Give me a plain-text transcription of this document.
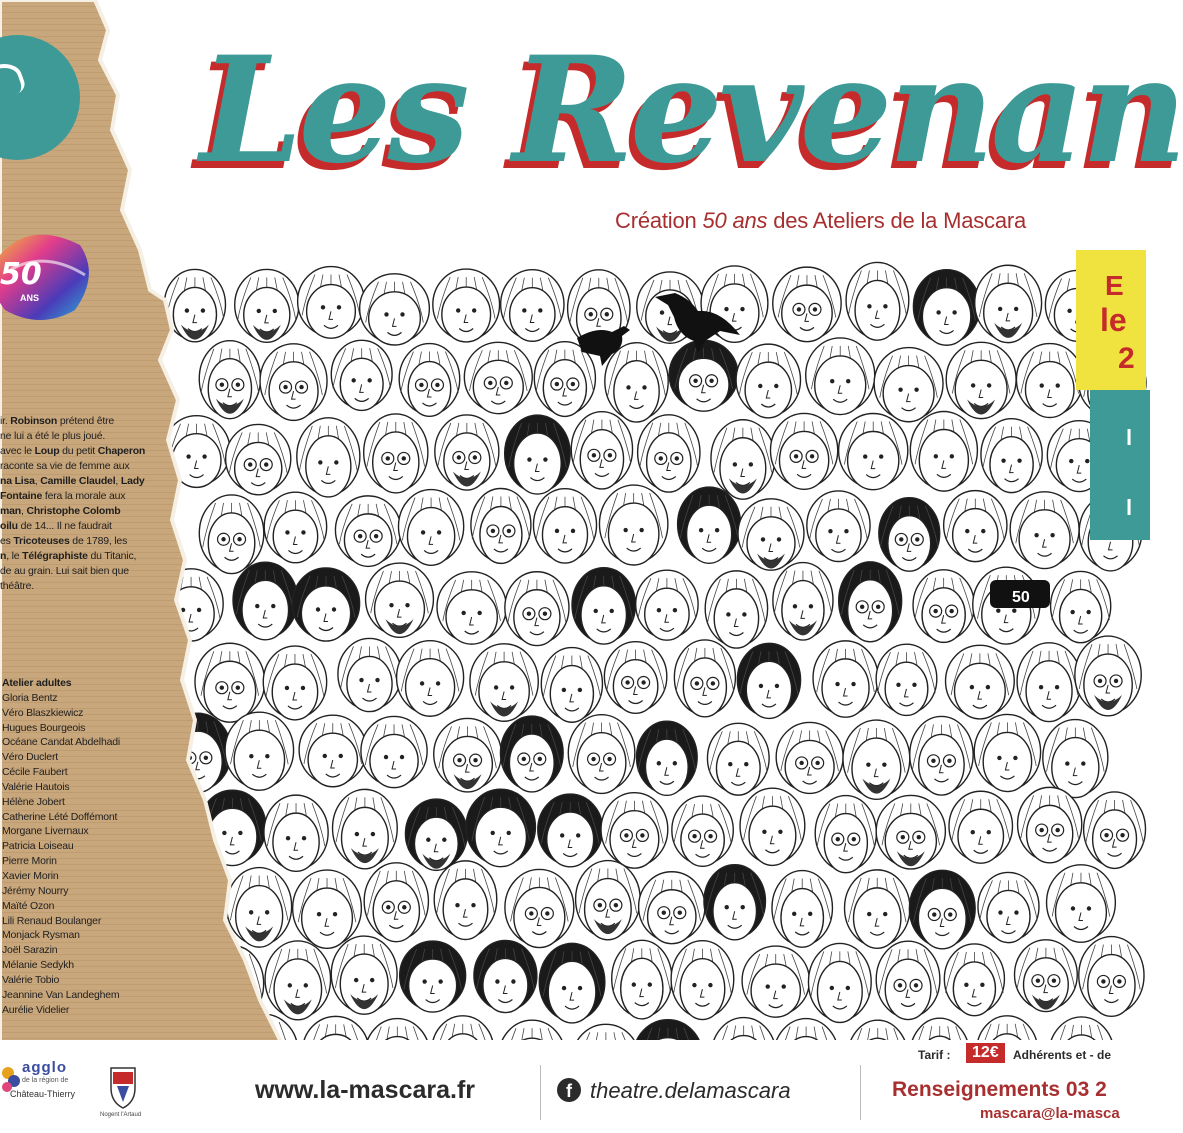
50
50
ANS
ir. Robinson prétend être
ne lui a été le plus joué.
avec le Loup du petit Chaperon
raconte sa vie de femme aux
na Lisa, Camille Claudel, Lady
Fontaine fera la morale aux
man, Christophe Colomb
oilu de 14... Il ne faudrait
es Tricoteuses de 1789, les
n, le Télégraphiste du Titanic,
de au grain. Lui sait bien que
théâtre.
Atelier adultes
Gloria Bentz
Véro Blaszkiewicz
Hugues Bourgeois
Océane Candat Abdelhadi
Véro Duclert
Cécile Faubert
Valérie Hautois
Hélène Jobert
Catherine Lété Doffémont
Morgane Livernaux
Patricia Loiseau
Pierre Morin
Xavier Morin
Jérémy Nourry
Maïté Ozon
Lili Renaud Boulanger
Monjack Rysman
Joël Sarazin
Mélanie Sedykh
Valérie Tobio
Jeannine Van Landeghem
Aurélie Videlier
Les Revenan
Création 50 ans des Ateliers de la Mascara
E
le
2
l
l
agglo
de la région de
Château-Thierry
Nogent l'Artaud
www.la-mascara.fr	f theatre.delamascara
Tarif :	12€	Adhérents et - de
Renseignements 03 2
mascara@la-masca
